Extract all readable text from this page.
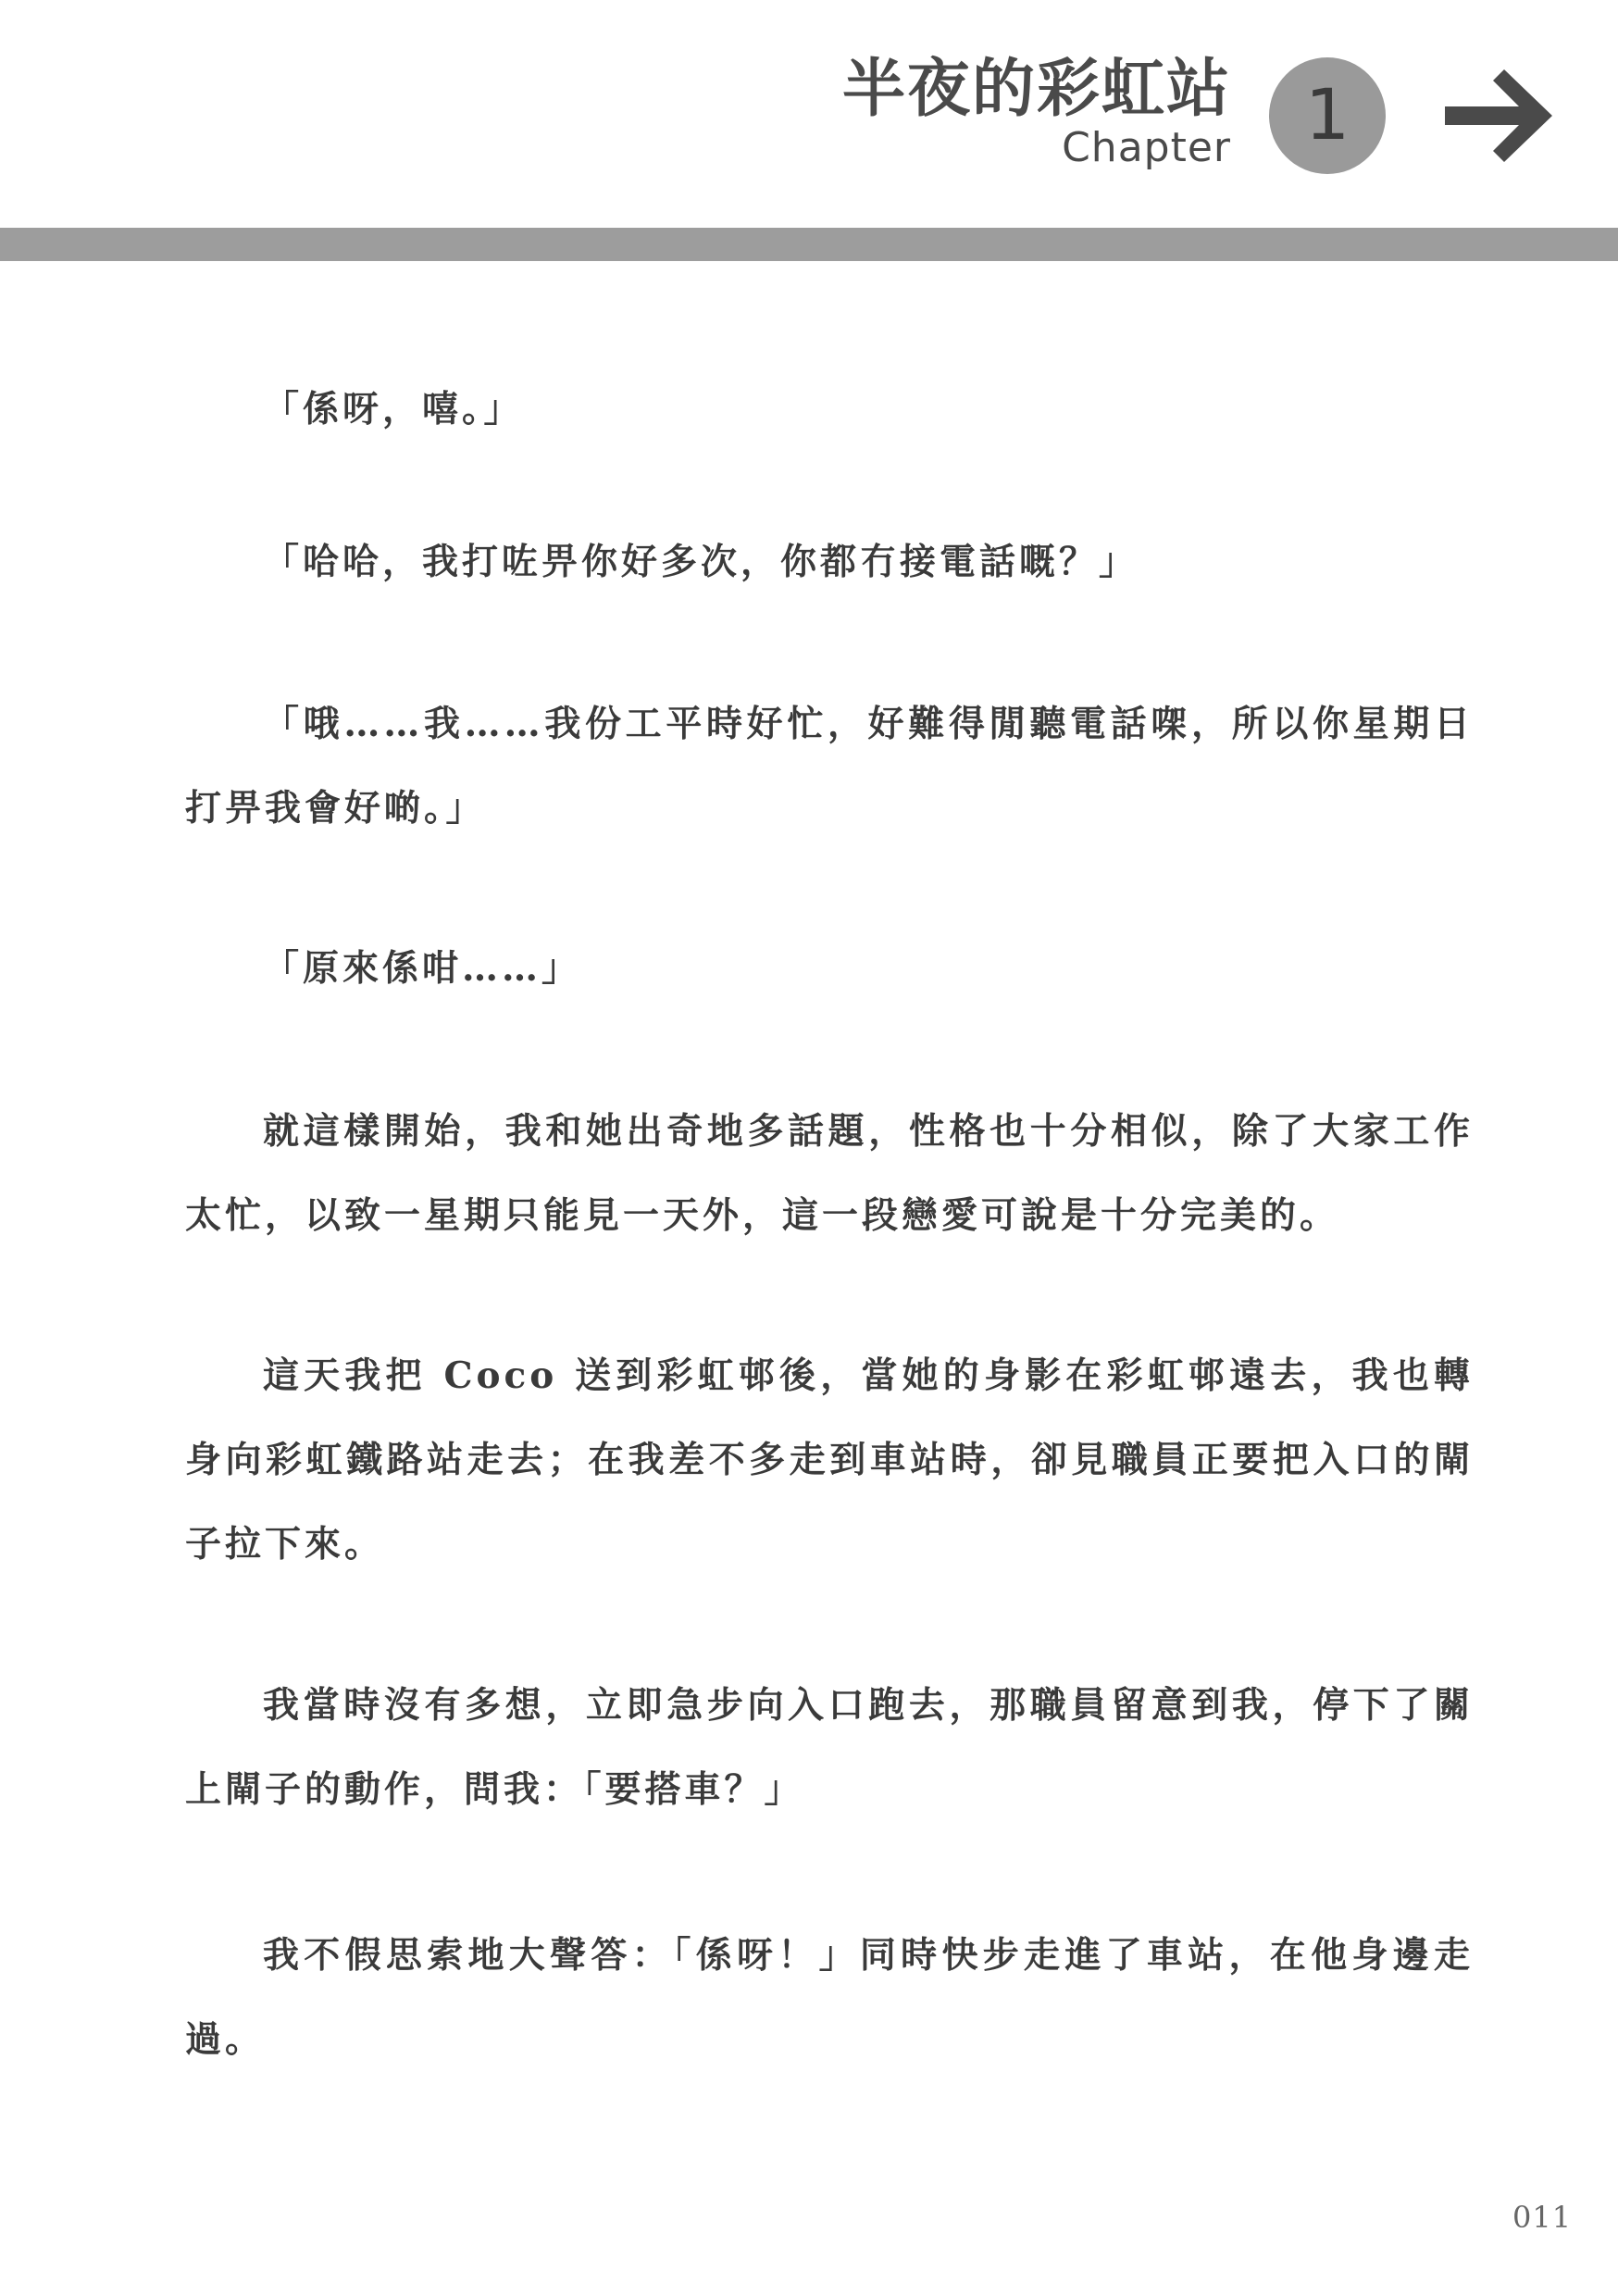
半夜的彩虹站
Chapter 1

「係呀，嘻。」

「哈哈，我打咗畀你好多次，你都冇接電話嘅？」

「哦……我……我份工平時好忙，好難得閒聽電話㗎，所以你星期日打畀我會好啲。」

「原來係咁……」

就這樣開始，我和她出奇地多話題，性格也十分相似，除了大家工作太忙，以致一星期只能見一天外，這一段戀愛可說是十分完美的。

這天我把 Coco 送到彩虹邨後，當她的身影在彩虹邨遠去，我也轉身向彩虹鐵路站走去；在我差不多走到車站時，卻見職員正要把入口的閘子拉下來。

我當時沒有多想，立即急步向入口跑去，那職員留意到我，停下了關上閘子的動作，問我：「要搭車？」

我不假思索地大聲答：「係呀！」同時快步走進了車站，在他身邊走過。

011
